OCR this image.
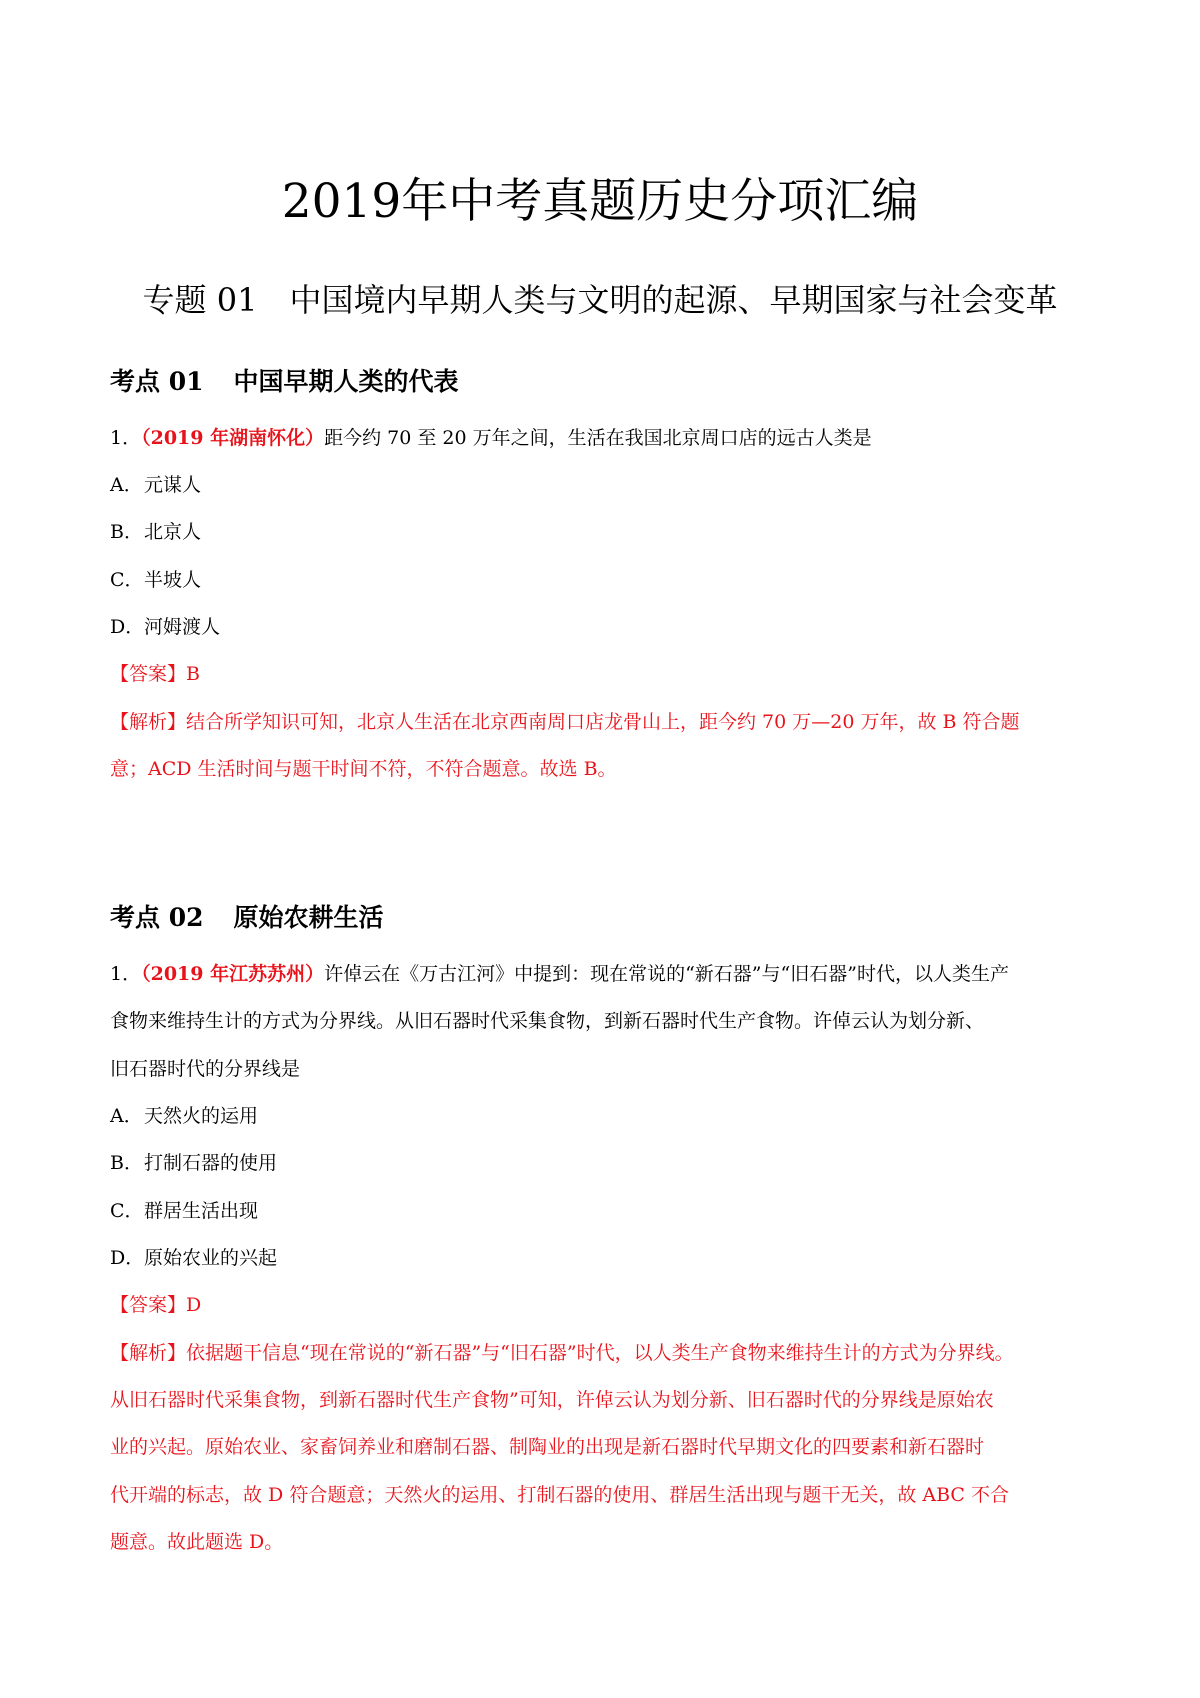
2019年中考真题历史分项汇编
专题 01 中国境内早期人类与文明的起源、早期国家与社会变革
考点 01 中国早期人类的代表
1．（2019 年湖南怀化）距今约 70 至 20 万年之间，生活在我国北京周口店的远古人类是
A．元谋人
B．北京人
C．半坡人
D．河姆渡人
【答案】B
【解析】结合所学知识可知，北京人生活在北京西南周口店龙骨山上，距今约 70 万—20 万年，故 B 符合题
意；ACD 生活时间与题干时间不符，不符合题意。故选 B。
考点 02 原始农耕生活
1．（2019 年江苏苏州）许倬云在《万古江河》中提到：现在常说的“新石器”与“旧石器”时代，以人类生产
食物来维持生计的方式为分界线。从旧石器时代采集食物，到新石器时代生产食物。许倬云认为划分新、
旧石器时代的分界线是
A．天然火的运用
B．打制石器的使用
C．群居生活出现
D．原始农业的兴起
【答案】D
【解析】依据题干信息“现在常说的“新石器”与“旧石器”时代，以人类生产食物来维持生计的方式为分界线。
从旧石器时代采集食物，到新石器时代生产食物”可知，许倬云认为划分新、旧石器时代的分界线是原始农
业的兴起。原始农业、家畜饲养业和磨制石器、制陶业的出现是新石器时代早期文化的四要素和新石器时
代开端的标志，故 D 符合题意；天然火的运用、打制石器的使用、群居生活出现与题干无关，故 ABC 不合
题意。故此题选 D。
